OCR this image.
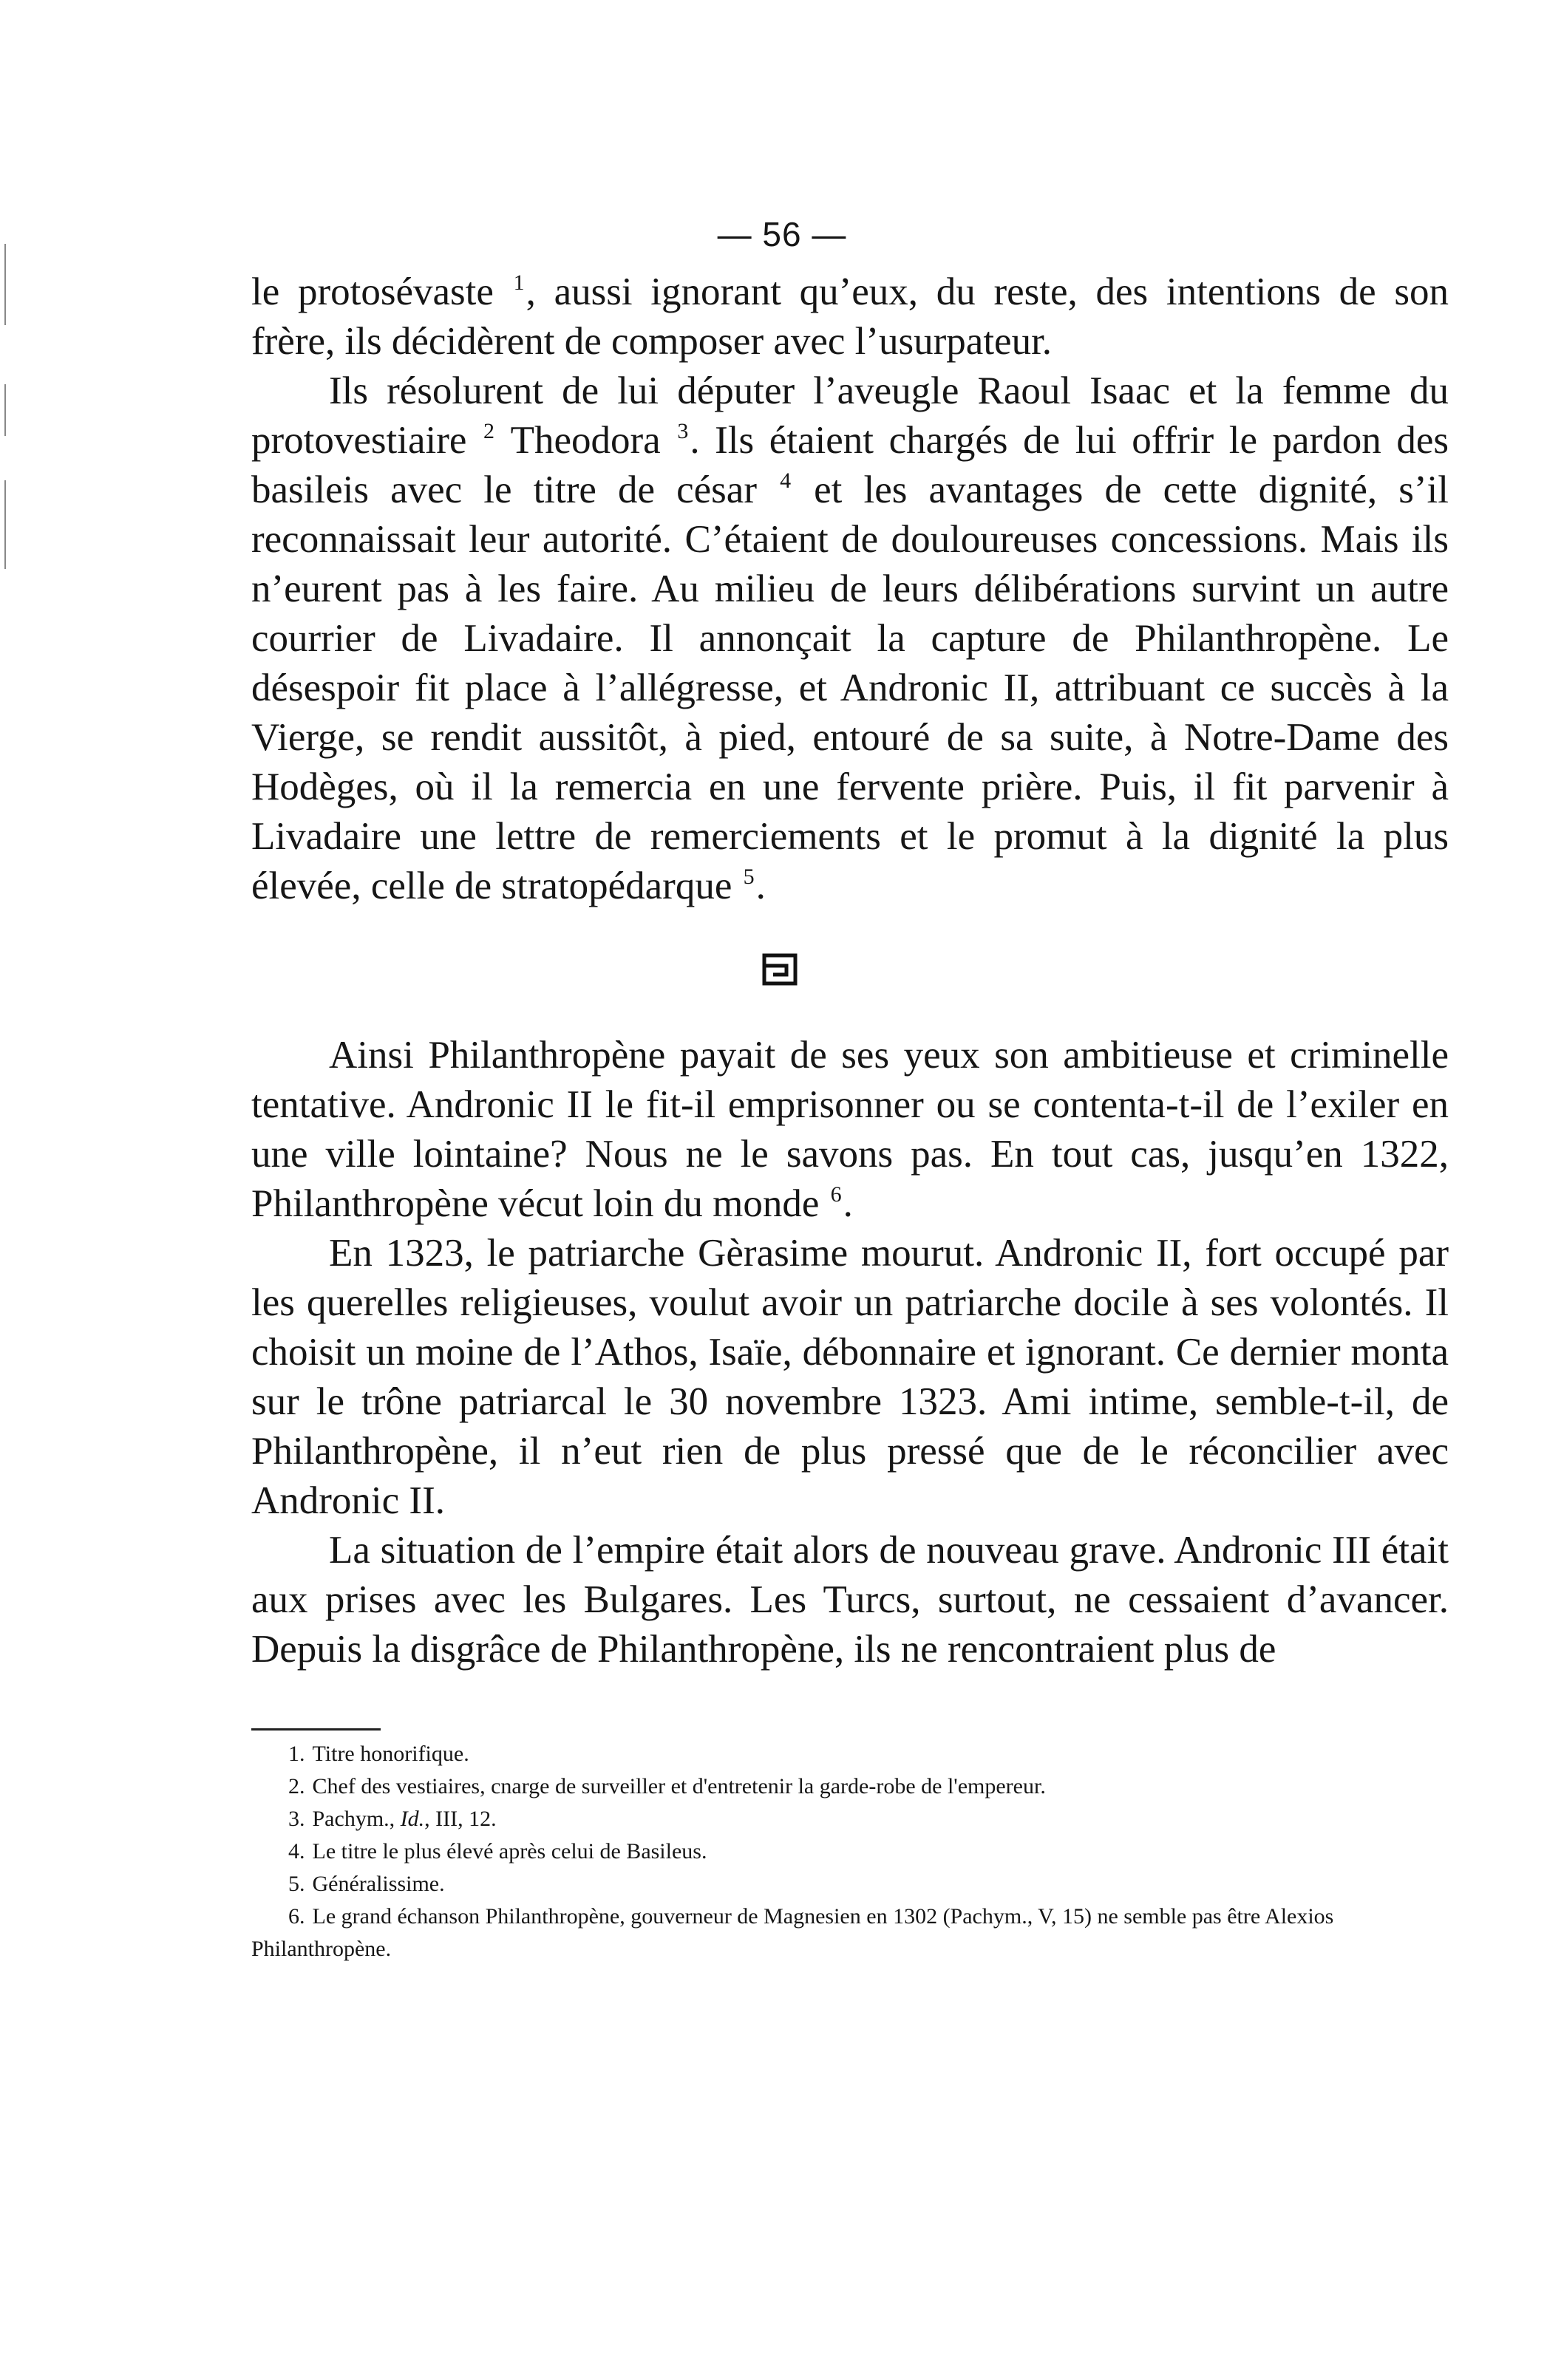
— 56 —

le protosévaste $^1$, aussi ignorant qu’eux, du reste, des intentions de son frère, ils décidèrent de composer avec l’usurpateur.

Ils résolurent de lui députer l’aveugle Raoul Isaac et la femme du protovestiaire $^2$ Theodora $^3$. Ils étaient chargés de lui offrir le pardon des basileis avec le titre de césar $^4$ et les avantages de cette dignité, s’il reconnaissait leur autorité. C’étaient de douloureuses concessions. Mais ils n’eurent pas à les faire. Au milieu de leurs délibérations survint un autre courrier de Livadaire. Il annonçait la capture de Philanthropène. Le désespoir fit place à l’allégresse, et Andronic II, attribuant ce succès à la Vierge, se rendit aussitôt, à pied, entouré de sa suite, à Notre-Dame des Hodèges, où il la remercia en une fervente prière. Puis, il fit parvenir à Livadaire une lettre de remerciements et le promut à la dignité la plus élevée, celle de stratopédarque $^5$.

Ainsi Philanthropène payait de ses yeux son ambitieuse et criminelle tentative. Andronic II le fit-il emprisonner ou se contenta-t-il de l’exiler en une ville lointaine? Nous ne le savons pas. En tout cas, jusqu’en 1322, Philanthropène vécut loin du monde $^6$.

En 1323, le patriarche Gèrasime mourut. Andronic II, fort occupé par les querelles religieuses, voulut avoir un patriarche docile à ses volontés. Il choisit un moine de l’Athos, Isaïe, débonnaire et ignorant. Ce dernier monta sur le trône patriarcal le 30 novembre 1323. Ami intime, semble-t-il, de Philanthropène, il n’eut rien de plus pressé que de le réconcilier avec Andronic II.

La situation de l’empire était alors de nouveau grave. Andronic III était aux prises avec les Bulgares. Les Turcs, surtout, ne cessaient d’avancer. Depuis la disgrâce de Philanthropène, ils ne rencontraient plus de

1. Titre honorifique.

2. Chef des vestiaires, cnarge de surveiller et d'entretenir la garde-robe de l'empereur.

3. Pachym., Id., III, 12.

4. Le titre le plus élevé après celui de Basileus.

5. Généralissime.

6. Le grand échanson Philanthropène, gouverneur de Magnesien en 1302 (Pachym., V, 15) ne semble pas être Alexios Philanthropène.
